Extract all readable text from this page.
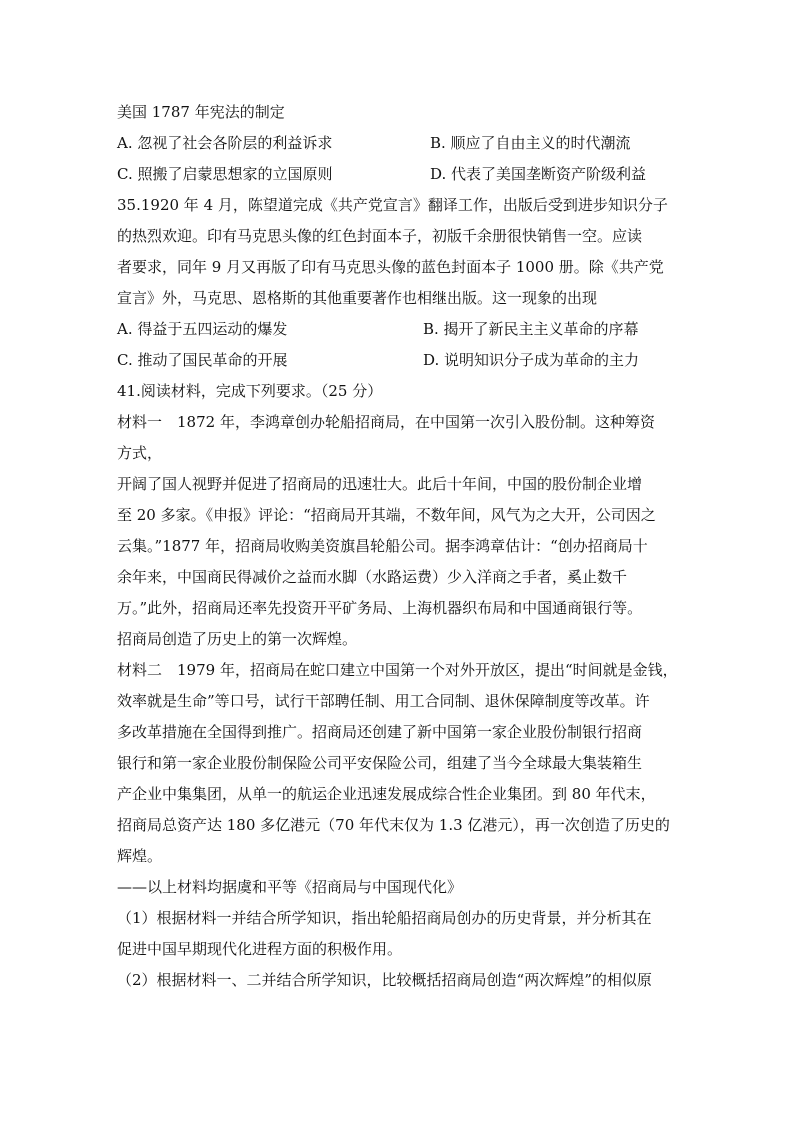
美国 1787 年宪法的制定
A. 忽视了社会各阶层的利益诉求	B. 顺应了自由主义的时代潮流
C. 照搬了启蒙思想家的立国原则	D. 代表了美国垄断资产阶级利益
35.1920 年 4 月，陈望道完成《共产党宣言》翻译工作，出版后受到进步知识分子
的热烈欢迎。印有马克思头像的红色封面本子，初版千余册很快销售一空。应读
者要求，同年 9 月又再版了印有马克思头像的蓝色封面本子 1000 册。除《共产党
宣言》外，马克思、恩格斯的其他重要著作也相继出版。这一现象的出现
A. 得益于五四运动的爆发	B. 揭开了新民主主义革命的序幕
C. 推动了国民革命的开展	D. 说明知识分子成为革命的主力
41.阅读材料，完成下列要求。（25 分）
材料一　1872 年，李鸿章创办轮船招商局，在中国第一次引入股份制。这种筹资
方式，
开阔了国人视野并促进了招商局的迅速壮大。此后十年间，中国的股份制企业增
至 20 多家。《申报》评论：“招商局开其端，不数年间，风气为之大开，公司因之
云集。”1877 年，招商局收购美资旗昌轮船公司。据李鸿章估计：“创办招商局十
余年来，中国商民得减价之益而水脚（水路运费）少入洋商之手者，奚止数千
万。”此外，招商局还率先投资开平矿务局、上海机器织布局和中国通商银行等。
招商局创造了历史上的第一次辉煌。
材料二　1979 年，招商局在蛇口建立中国第一个对外开放区，提出“时间就是金钱，
效率就是生命”等口号，试行干部聘任制、用工合同制、退休保障制度等改革。许
多改革措施在全国得到推广。招商局还创建了新中国第一家企业股份制银行招商
银行和第一家企业股份制保险公司平安保险公司，组建了当今全球最大集装箱生
产企业中集集团，从单一的航运企业迅速发展成综合性企业集团。到 80 年代末，
招商局总资产达 180 多亿港元（70 年代末仅为 1.3 亿港元），再一次创造了历史的
辉煌。
——以上材料均据虞和平等《招商局与中国现代化》
（1）根据材料一并结合所学知识，指出轮船招商局创办的历史背景，并分析其在
促进中国早期现代化进程方面的积极作用。
（2）根据材料一、二并结合所学知识，比较概括招商局创造“两次辉煌”的相似原
